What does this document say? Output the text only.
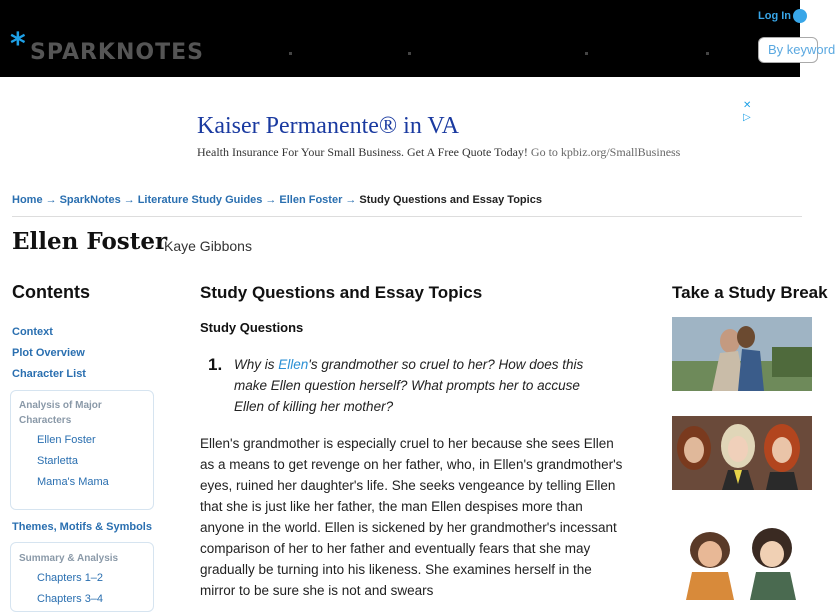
* SPARKNOTES
Log In
By keyword
Kaiser Permanente® in VA
Health Insurance For Your Small Business. Get A Free Quote Today! Go to kpbiz.org/SmallBusiness
✕
▷
Home → SparkNotes → Literature Study Guides → Ellen Foster → Study Questions and Essay Topics
Ellen Foster
Kaye Gibbons
Contents
Context
Plot Overview
Character List
Analysis of Major
Characters
Ellen Foster
Starletta
Mama's Mama
Themes, Motifs & Symbols
Summary & Analysis
Chapters 1–2
Chapters 3–4
Study Questions and Essay Topics
Study Questions
1. Why is Ellen's grandmother so cruel to her? How does this make Ellen question herself? What prompts her to accuse Ellen of killing her mother?

Ellen's grandmother is especially cruel to her because she sees Ellen as a means to get revenge on her father, who, in Ellen's grandmother's eyes, ruined her daughter's life. She seeks vengeance by telling Ellen that she is just like her father, the man Ellen despises more than anyone in the world. Ellen is sickened by her grandmother's incessant comparison of her to her father and eventually fears that she may gradually be turning into his likeness. She examines herself in the mirror to be sure she is not and swears

Take a Study Break
